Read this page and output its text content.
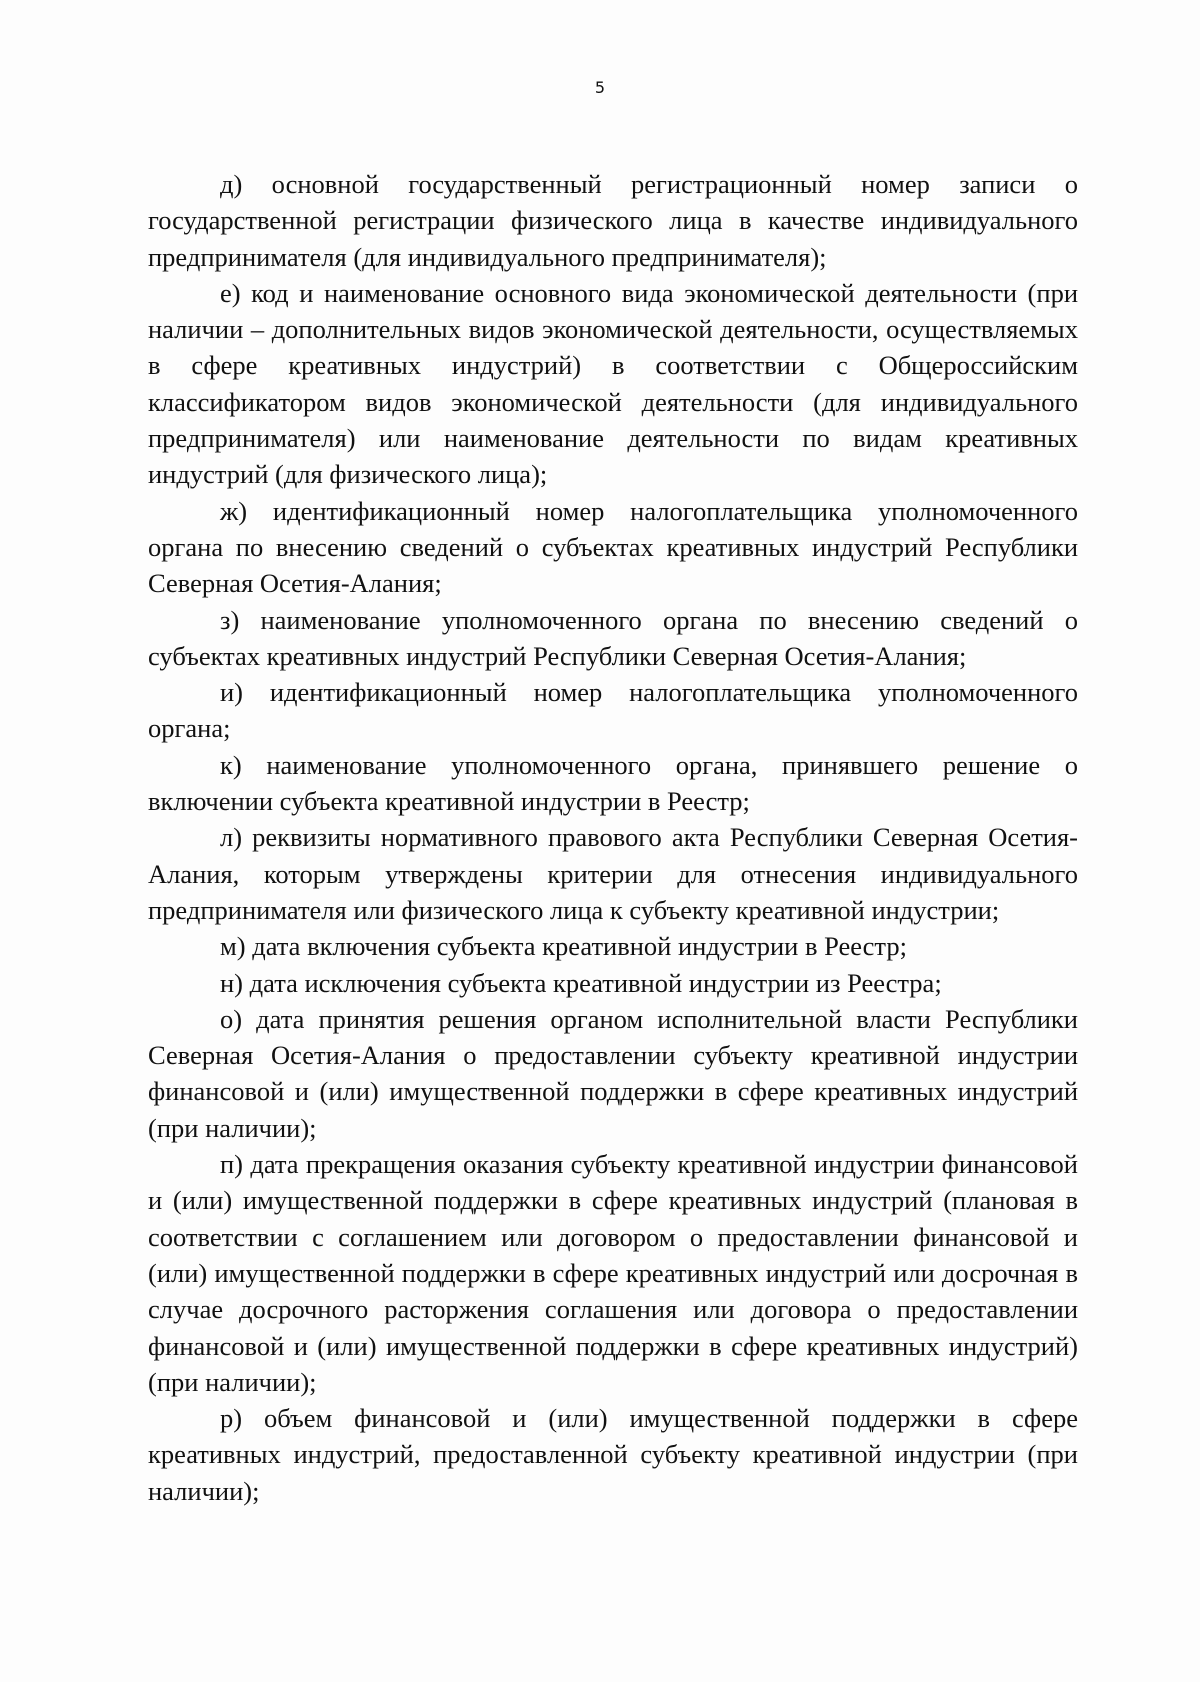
5

д) основной государственный регистрационный номер записи о государственной регистрации физического лица в качестве индивидуального предпринимателя (для индивидуального предпринимателя);

е) код и наименование основного вида экономической деятельности (при наличии – дополнительных видов экономической деятельности, осуществляемых в сфере креативных индустрий) в соответствии с Общероссийским классификатором видов экономической деятельности (для индивидуального предпринимателя) или наименование деятельности по видам креативных индустрий (для физического лица);

ж) идентификационный номер налогоплательщика уполномоченного органа по внесению сведений о субъектах креативных индустрий Республики Северная Осетия-Алания;

з) наименование уполномоченного органа по внесению сведений о субъектах креативных индустрий Республики Северная Осетия-Алания;

и) идентификационный номер налогоплательщика уполномоченного органа;

к) наименование уполномоченного органа, принявшего решение о включении субъекта креативной индустрии в Реестр;

л) реквизиты нормативного правового акта Республики Северная Осетия-Алания, которым утверждены критерии для отнесения индивидуального предпринимателя или физического лица к субъекту креативной индустрии;

м) дата включения субъекта креативной индустрии в Реестр;

н) дата исключения субъекта креативной индустрии из Реестра;

о) дата принятия решения органом исполнительной власти Республики Северная Осетия-Алания о предоставлении субъекту креативной индустрии финансовой и (или) имущественной поддержки в сфере креативных индустрий (при наличии);

п) дата прекращения оказания субъекту креативной индустрии финансовой и (или) имущественной поддержки в сфере креативных индустрий (плановая в соответствии с соглашением или договором о предоставлении финансовой и (или) имущественной поддержки в сфере креативных индустрий или досрочная в случае досрочного расторжения соглашения или договора о предоставлении финансовой и (или) имущественной поддержки в сфере креативных индустрий) (при наличии);

р) объем финансовой и (или) имущественной поддержки в сфере креативных индустрий, предоставленной субъекту креативной индустрии (при наличии);
